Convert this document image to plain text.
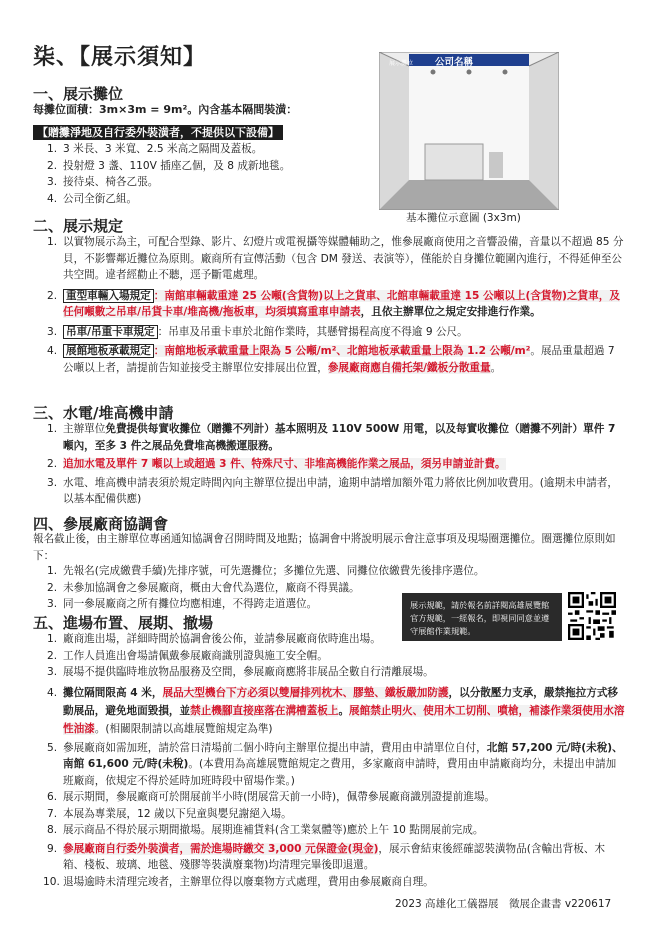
柒、【展示須知】	展示攤位 公司名稱
基本攤位示意圖 (3x3m)
一、展示攤位
每攤位面積：3m×3m = 9m²。內含基本隔間裝潢：
【贈攤淨地及自行委外裝潢者，不提供以下設備】
1. 3 米長、3 米寬、2.5 米高之隔間及蓋板。
2. 投射燈 3 盞、110V 插座乙個，及 8 成新地毯。
3. 接待桌、椅各乙張。
4. 公司全銜乙組。
二、展示規定
1. 以實物展示為主，可配合型錄、影片、幻燈片或電視攝等媒體輔助之，惟參展廠商使用之音響設備，音量以不超過 85 分貝，不影響鄰近攤位為原則。廠商所有宣傳活動（包含 DM 發送、表演等），僅能於自身攤位範圍內進行，不得延伸至公共空間。違者經勸止不聽，逕予斷電處理。
2. 重型車輛入場規定 ：南館車輛載重達 25 公噸(含貨物)以上之貨車、北館車輛載重達 15 公噸以上(含貨物)之貨車，及任何噸數之吊車/吊貨卡車/堆高機/拖板車，均須填寫重車申請表，且依主辦單位之規定安排進行作業。
3. 吊車/吊重卡車規定 ：吊車及吊重卡車於北館作業時，其懸臂揚程高度不得逾 9 公尺。
4. 展館地板承載規定 ：南館地板承載重量上限為 5 公噸/m²、北館地板承載重量上限為 1.2 公噸/m²。展品重量超過 7 公噸以上者，請提前告知並接受主辦單位安排展出位置，參展廠商應自備托架/鐵板分散重量。
三、水電/堆高機申請
1. 主辦單位免費提供每實收攤位（贈攤不列計）基本照明及 110V 500W 用電，以及每實收攤位（贈攤不列計）單件 7 噸內，至多 3 件之展品免費堆高機搬運服務。
2. 追加水電及單件 7 噸以上或超過 3 件、特殊尺寸、非堆高機能作業之展品，須另申請並計費。
3. 水電、堆高機申請表須於規定時間內向主辦單位提出申請，逾期申請增加額外電力將依比例加收費用。(逾期未申請者，以基本配備供應)
四、參展廠商協調會
報名截止後，由主辦單位專函通知協調會召開時間及地點；協調會中將說明展示會注意事項及現場圈選攤位。圈選攤位原則如下：
1. 先報名(完成繳費手續)先排序號，可先選攤位；多攤位先選、同攤位依繳費先後排序選位。
2. 未參加協調會之參展廠商，概由大會代為選位，廠商不得異議。
3. 同一參展廠商之所有攤位均應相連，不得跨走道選位。	展示規範，請於報名前詳閱高雄展覽館官方規範，一經報名，即視同同意並遵守展館作業規範。
五、進場布置、展期、撤場
1. 廠商進出場，詳細時間於協調會後公佈，並請參展廠商依時進出場。
2. 工作人員進出會場請佩戴參展廠商識別證與施工安全帽。
3. 展場不提供臨時堆放物品服務及空間，參展廠商應將非展品全數自行清離展場。
4. 攤位隔間限高 4 米，展品大型機台下方必須以雙層排列枕木、膠墊、鐵板嚴加防護，以分散壓力支承，嚴禁拖拉方式移動展品，避免地面毀損，並禁止機腳直接座落在溝槽蓋板上。展館禁止明火、使用木工切削、噴槍，補漆作業須使用水溶性油漆。(相關限制請以高雄展覽館規定為準)
5. 參展廠商如需加班，請於當日清場前二個小時向主辦單位提出申請，費用由申請單位自付，北館 57,200 元/時(未稅)、南館 61,600 元/時(未稅)。(本費用為高雄展覽館規定之費用，多家廠商申請時，費用由申請廠商均分，未提出申請加班廠商，依規定不得於延時加班時段中留場作業。)
6. 展示期間，參展廠商可於開展前半小時(閉展當天前一小時)，佩帶參展廠商識別證提前進場。
7. 本展為專業展，12 歲以下兒童與嬰兒謝絕入場。
8. 展示商品不得於展示期間撤場。展期進補貨料(含工業氣體等)應於上午 10 點開展前完成。
9. 參展廠商自行委外裝潢者，需於進場時繳交 3,000 元保證金(現金)，展示會結束後經確認裝潢物品(含輸出背板、木箱、棧板、玻璃、地毯、殘膠等裝潢廢棄物)均清理完畢後即退還。
10. 退場逾時未清理完竣者，主辦單位得以廢棄物方式處理，費用由參展廠商自理。
2023 高雄化工儀器展　徵展企畫書 v220617
